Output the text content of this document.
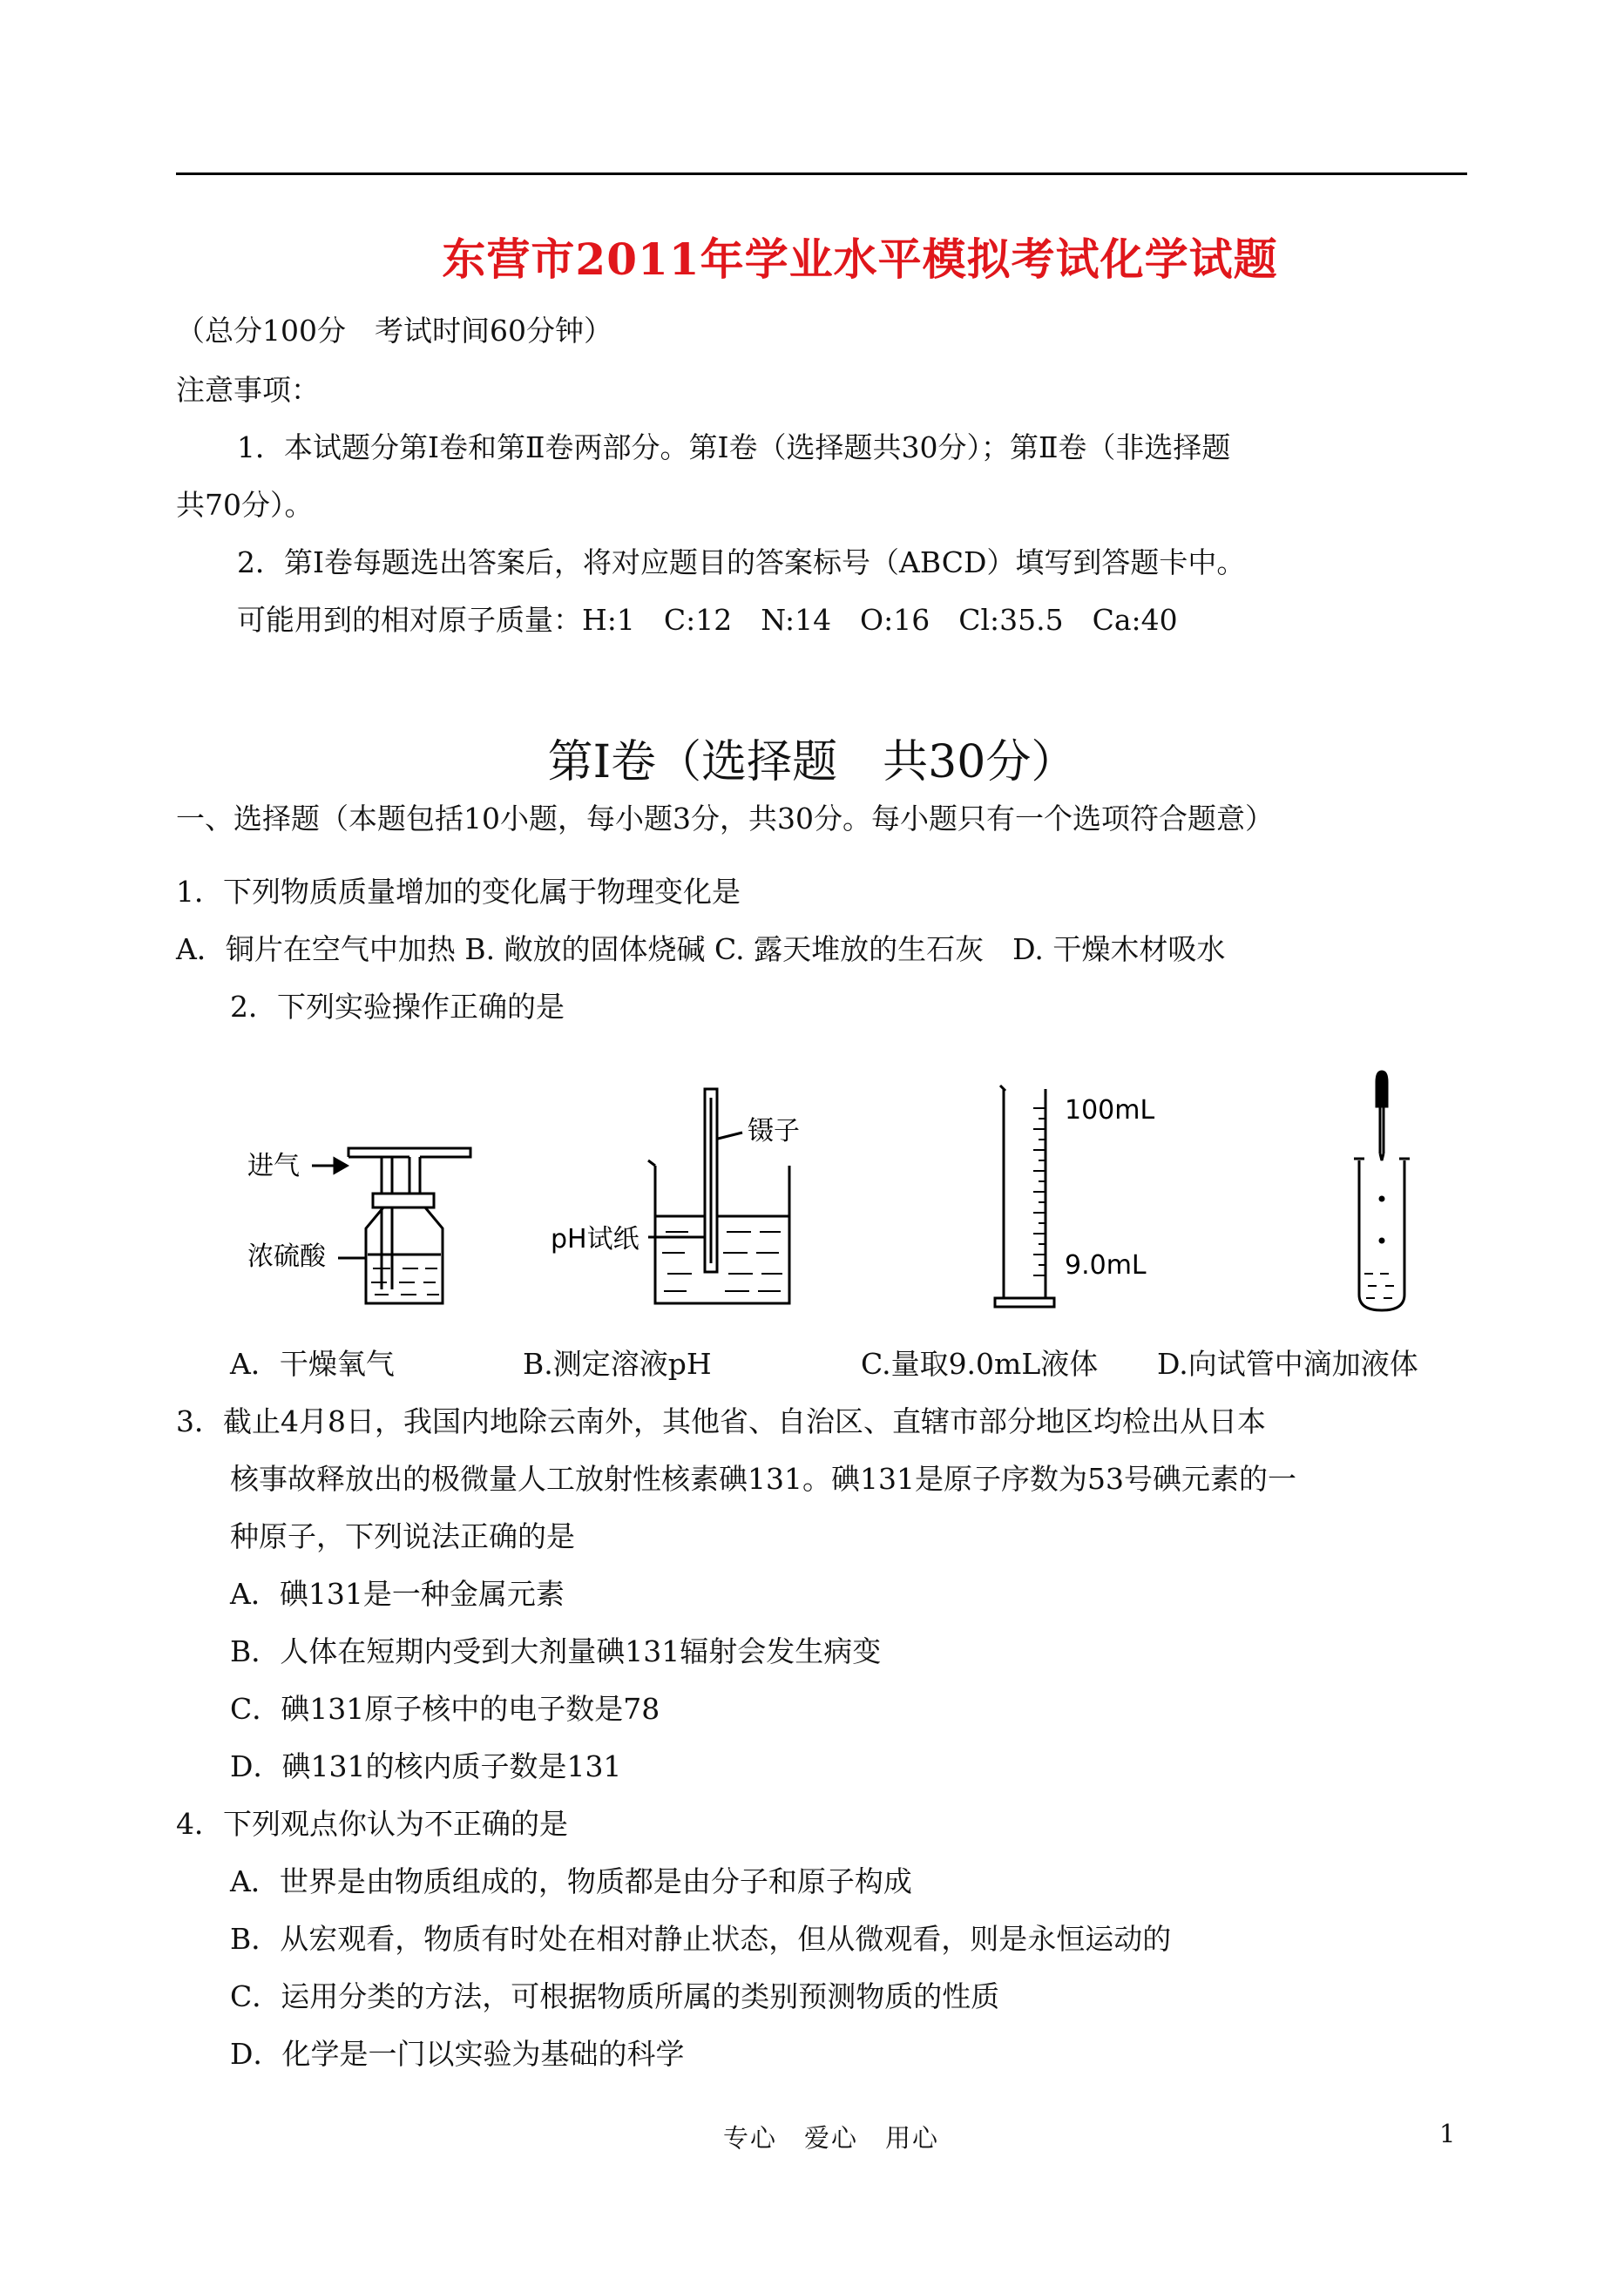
东营市2011年学业水平模拟考试化学试题
（总分100分　考试时间60分钟）
注意事项：
1．本试题分第Ⅰ卷和第Ⅱ卷两部分。第Ⅰ卷（选择题共30分）；第Ⅱ卷（非选择题
共70分）。
2．第Ⅰ卷每题选出答案后，将对应题目的答案标号（ABCD）填写到答题卡中。
可能用到的相对原子质量：H:1　C:12　N:14　O:16　Cl:35.5　Ca:40
第Ⅰ卷（选择题　共30分）
一、选择题（本题包括10小题，每小题3分，共30分。每小题只有一个选项符合题意）
1．下列物质质量增加的变化属于物理变化是
A．铜片在空气中加热 B. 敞放的固体烧碱 C. 露天堆放的生石灰　D. 干燥木材吸水
2．下列实验操作正确的是
进气
浓硫酸
镊子
pH试纸
100mL
9.0mL
A．干燥氧气	B.测定溶液pH	C.量取9.0mL液体 D.向试管中滴加液体
3．截止4月8日，我国内地除云南外，其他省、自治区、直辖市部分地区均检出从日本
核事故释放出的极微量人工放射性核素碘131。碘131是原子序数为53号碘元素的一
种原子，下列说法正确的是
A．碘131是一种金属元素
B．人体在短期内受到大剂量碘131辐射会发生病变
C．碘131原子核中的电子数是78
D．碘131的核内质子数是131
4．下列观点你认为不正确的是
A．世界是由物质组成的，物质都是由分子和原子构成
B．从宏观看，物质有时处在相对静止状态，但从微观看，则是永恒运动的
C．运用分类的方法，可根据物质所属的类别预测物质的性质
D．化学是一门以实验为基础的科学
专心　爱心　用心	1
